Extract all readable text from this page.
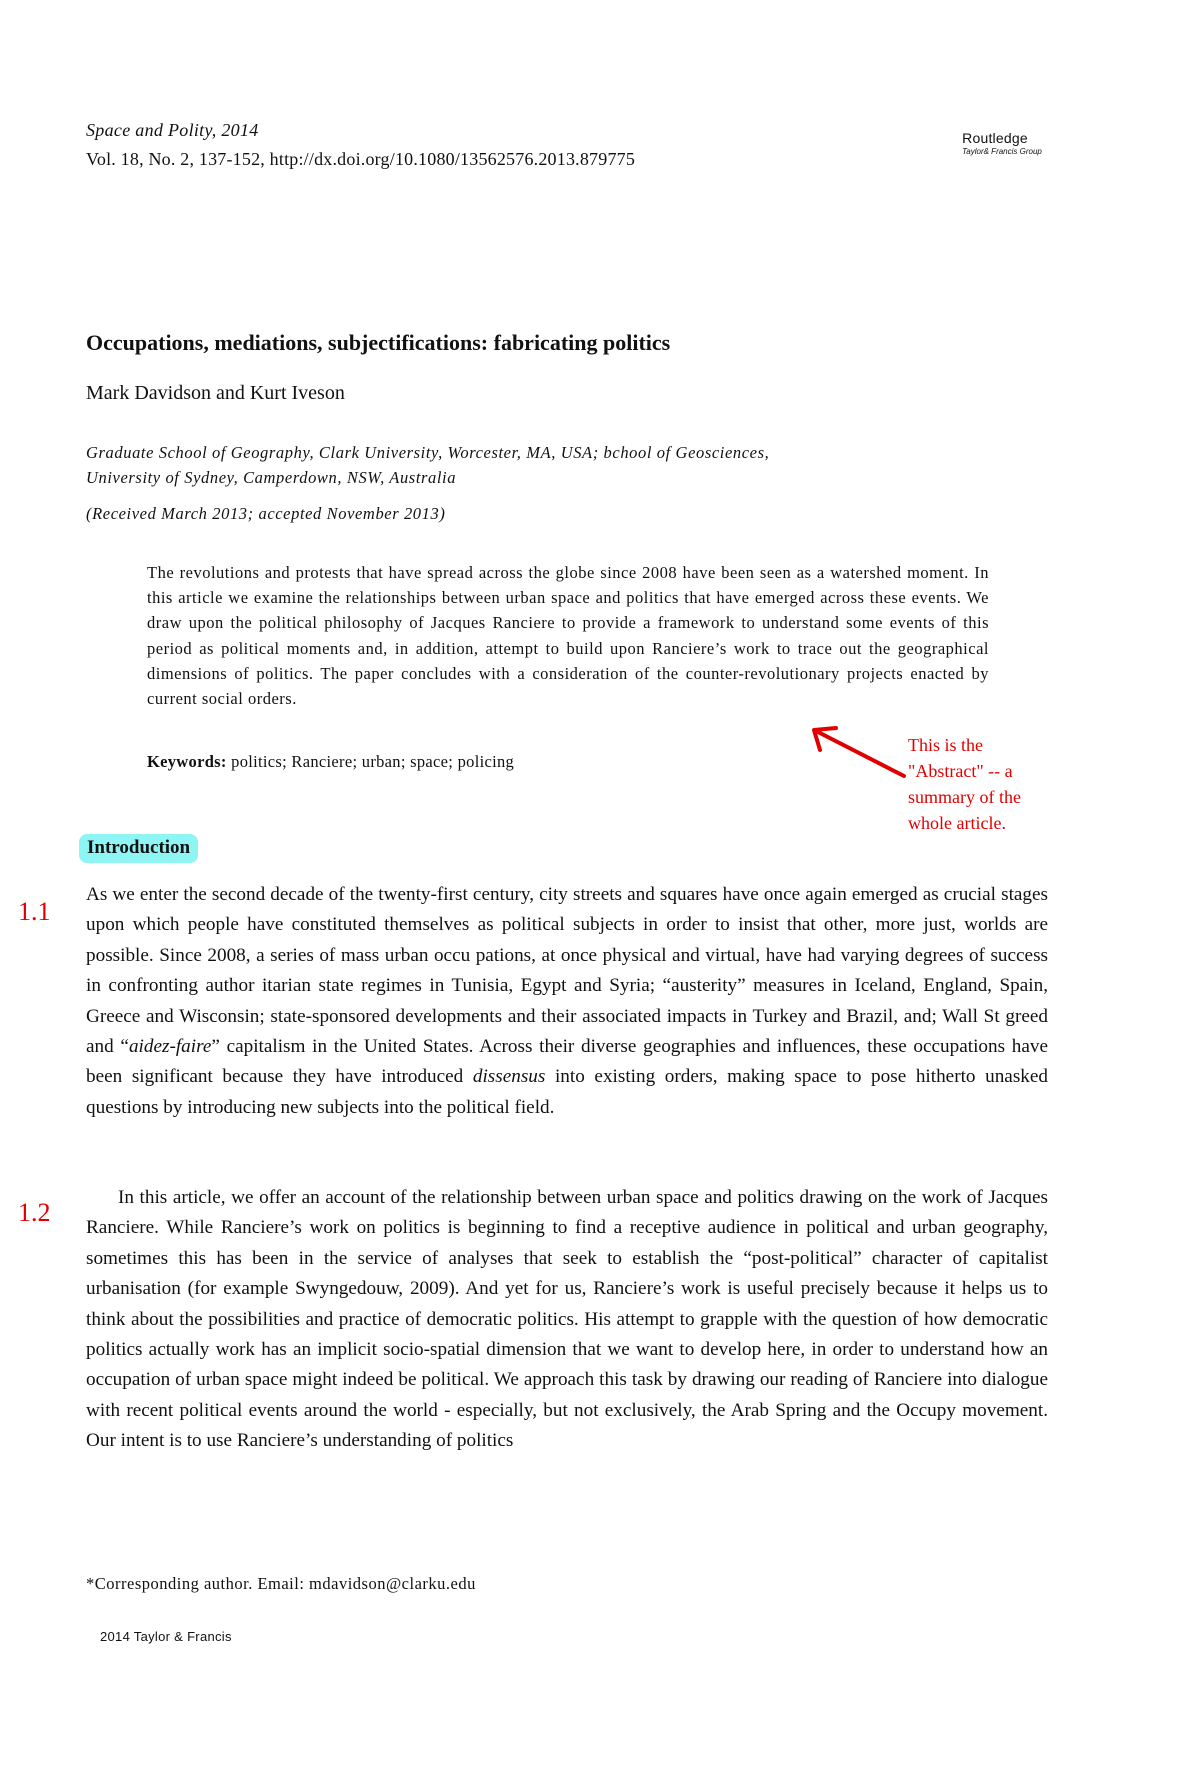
Space and Polity, 2014
Vol. 18, No. 2, 137-152, http://dx.doi.org/10.1080/13562576.2013.879775
Routledge
Taylor& Francis Group
Occupations, mediations, subjectifications: fabricating politics
Mark Davidson and Kurt Iveson
Graduate School of Geography, Clark University, Worcester, MA, USA; bchool of Geosciences,
University of Sydney, Camperdown, NSW, Australia
(Received March 2013; accepted November 2013)
The revolutions and protests that have spread across the globe since 2008 have been seen as a watershed moment. In this article we examine the relationships between urban space and politics that have emerged across these events. We draw upon the political philosophy of Jacques Ranciere to provide a framework to understand some events of this period as political moments and, in addition, attempt to build upon Ranciere’s work to trace out the geographical dimensions of politics. The paper concludes with a consideration of the counter-revolutionary projects enacted by current social orders.
Keywords: politics; Ranciere; urban; space; policing
This is the
"Abstract" -- a
summary of the
whole article.
Introduction
1.1
1.2
As we enter the second decade of the twenty-first century, city streets and squares have once again emerged as crucial stages upon which people have constituted themselves as political subjects in order to insist that other, more just, worlds are possible. Since 2008, a series of mass urban occu pations, at once physical and virtual, have had varying degrees of success in confronting author itarian state regimes in Tunisia, Egypt and Syria; “austerity” measures in Iceland, England, Spain, Greece and Wisconsin; state-sponsored developments and their associated impacts in Turkey and Brazil, and; Wall St greed and “aidez-faire” capitalism in the United States. Across their diverse geographies and influences, these occupations have been significant because they have introduced dissensus into existing orders, making space to pose hitherto unasked questions by introducing new subjects into the political field.
In this article, we offer an account of the relationship between urban space and politics drawing on the work of Jacques Ranciere. While Ranciere’s work on politics is beginning to find a receptive audience in political and urban geography, sometimes this has been in the service of analyses that seek to establish the “post-political” character of capitalist urbanisation (for example Swyngedouw, 2009). And yet for us, Ranciere’s work is useful precisely because it helps us to think about the possibilities and practice of democratic politics. His attempt to grapple with the question of how democratic politics actually work has an implicit socio-spatial dimension that we want to develop here, in order to understand how an occupation of urban space might indeed be political. We approach this task by drawing our reading of Ranciere into dialogue with recent political events around the world - especially, but not exclusively, the Arab Spring and the Occupy movement. Our intent is to use Ranciere’s understanding of politics
*Corresponding author. Email: mdavidson@clarku.edu
2014 Taylor & Francis
